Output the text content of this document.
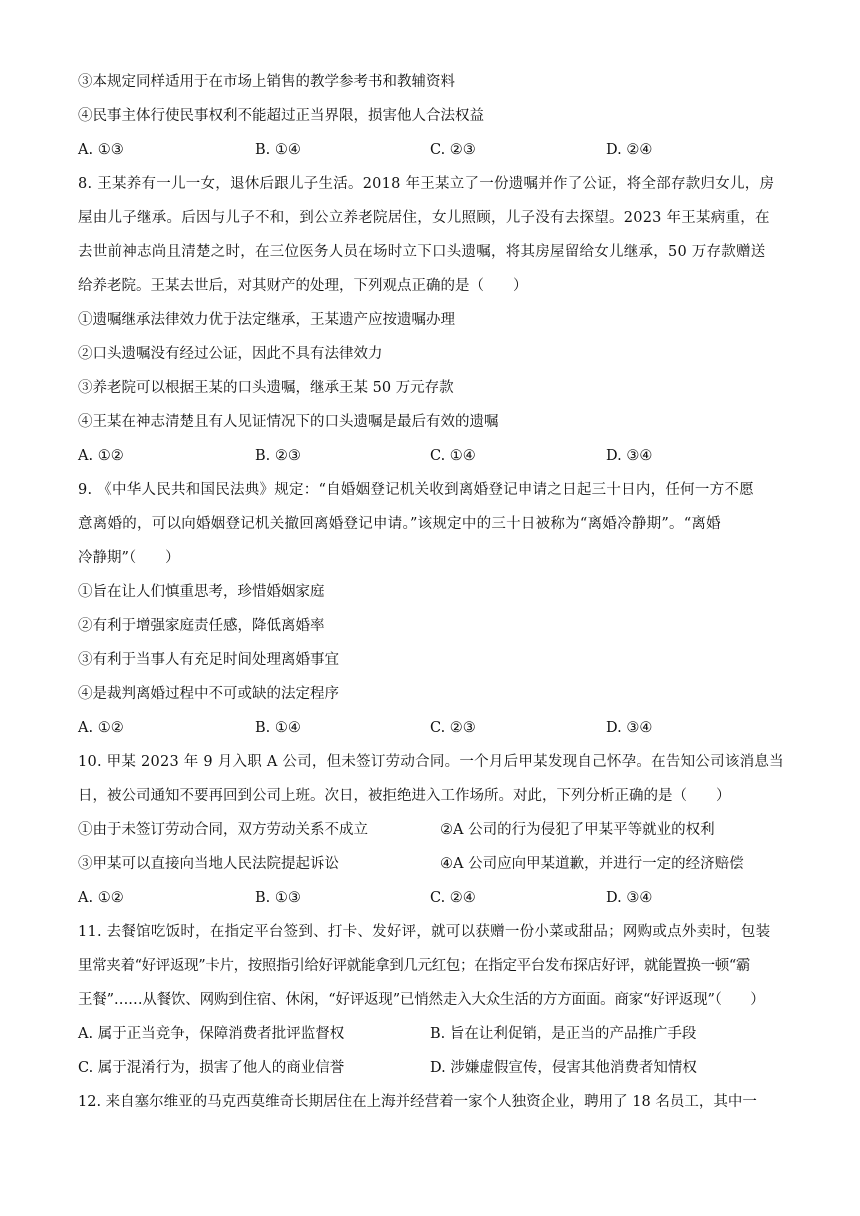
③本规定同样适用于在市场上销售的教学参考书和教辅资料
④民事主体行使民事权利不能超过正当界限，损害他人合法权益
A. ①③	B. ①④	C. ②③	D. ②④
8. 王某养有一儿一女，退休后跟儿子生活。2018 年王某立了一份遗嘱并作了公证，将全部存款归女儿，房
屋由儿子继承。后因与儿子不和，到公立养老院居住，女儿照顾，儿子没有去探望。2023 年王某病重，在
去世前神志尚且清楚之时，在三位医务人员在场时立下口头遗嘱，将其房屋留给女儿继承，50 万存款赠送
给养老院。王某去世后，对其财产的处理，下列观点正确的是（　　）
①遗嘱继承法律效力优于法定继承，王某遗产应按遗嘱办理
②口头遗嘱没有经过公证，因此不具有法律效力
③养老院可以根据王某的口头遗嘱，继承王某 50 万元存款
④王某在神志清楚且有人见证情况下的口头遗嘱是最后有效的遗嘱
A. ①②	B. ②③	C. ①④	D. ③④
9. 《中华人民共和国民法典》规定：“自婚姻登记机关收到离婚登记申请之日起三十日内，任何一方不愿
意离婚的，可以向婚姻登记机关撤回离婚登记申请。”该规定中的三十日被称为“离婚冷静期”。“离婚
冷静期”（　　）
①旨在让人们慎重思考，珍惜婚姻家庭
②有利于增强家庭责任感，降低离婚率
③有利于当事人有充足时间处理离婚事宜
④是裁判离婚过程中不可或缺的法定程序
A. ①②	B. ①④	C. ②③	D. ③④
10. 甲某 2023 年 9 月入职 A 公司，但未签订劳动合同。一个月后甲某发现自己怀孕。在告知公司该消息当
日，被公司通知不要再回到公司上班。次日，被拒绝进入工作场所。对此，下列分析正确的是（　　）
①由于未签订劳动合同，双方劳动关系不成立	②A 公司的行为侵犯了甲某平等就业的权利
③甲某可以直接向当地人民法院提起诉讼	④A 公司应向甲某道歉，并进行一定的经济赔偿
A. ①②	B. ①③	C. ②④	D. ③④
11. 去餐馆吃饭时，在指定平台签到、打卡、发好评，就可以获赠一份小菜或甜品；网购或点外卖时，包装
里常夹着“好评返现”卡片，按照指引给好评就能拿到几元红包；在指定平台发布探店好评，就能置换一顿“霸
王餐”……从餐饮、网购到住宿、休闲，“好评返现”已悄然走入大众生活的方方面面。商家“好评返现”（　　）
A. 属于正当竞争，保障消费者批评监督权	B. 旨在让利促销，是正当的产品推广手段
C. 属于混淆行为，损害了他人的商业信誉	D. 涉嫌虚假宣传，侵害其他消费者知情权
12. 来自塞尔维亚的马克西莫维奇长期居住在上海并经营着一家个人独资企业，聘用了 18 名员工，其中一
